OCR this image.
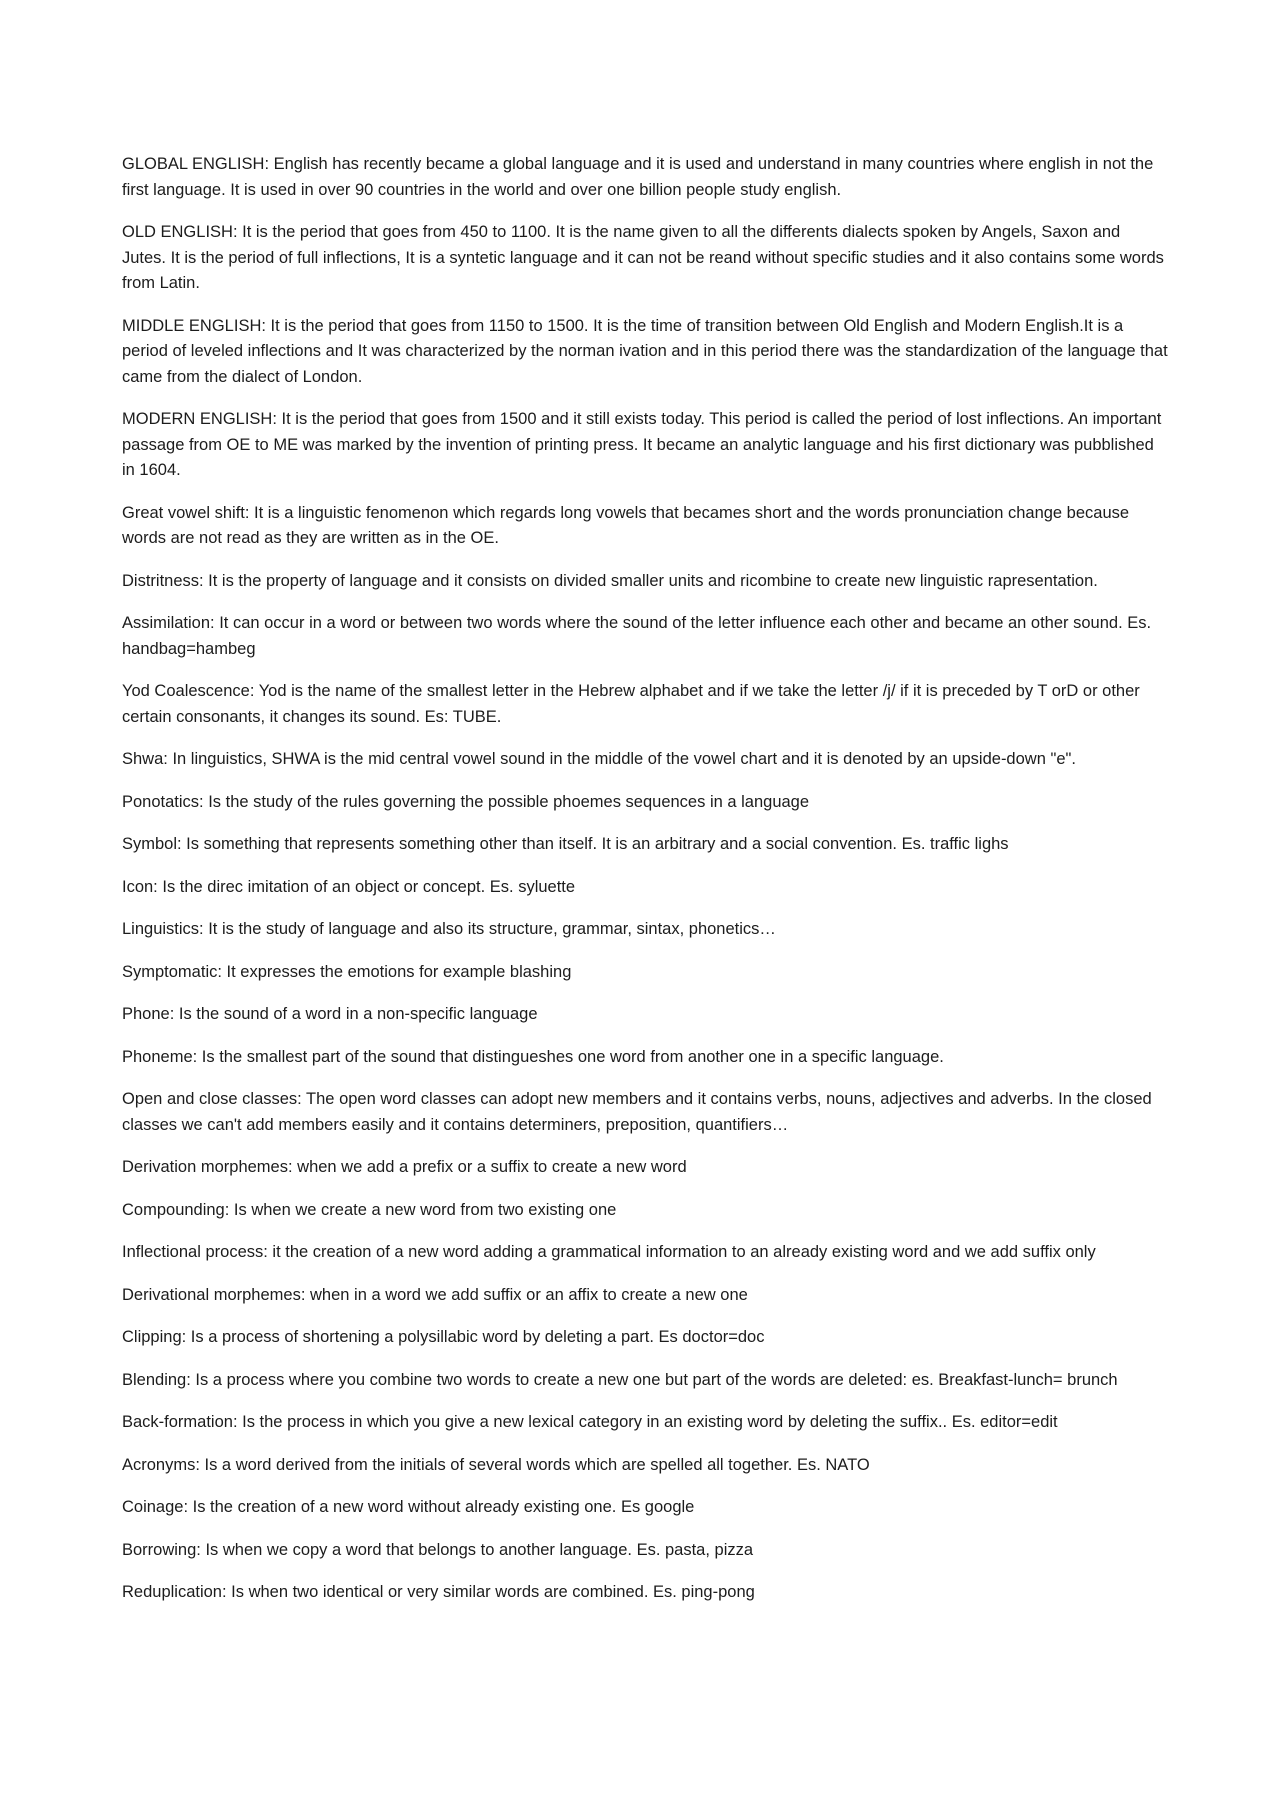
GLOBAL ENGLISH: English has recently became a global language and it is used and understand in many countries where english in not the first language. It is used in over 90 countries in the world and over one billion people study english.

OLD ENGLISH: It is the period that goes from 450 to 1100. It is the name given to all the differents dialects spoken by Angels, Saxon and Jutes. It is the period of full inflections, It is a syntetic language and it can not be reand without specific studies and it also contains some words from Latin.

MIDDLE ENGLISH: It is the period that goes from 1150 to 1500. It is the time of transition between Old English and Modern English.It is a period of leveled inflections and It was characterized by the norman ivation and in this period there was the standardization of the language that came from the dialect of London.

MODERN ENGLISH: It is the period that goes from 1500 and it still exists today. This period is called the period of lost inflections. An important passage from OE to ME was marked by the invention of printing press. It became an analytic language and his first dictionary was pubblished in 1604.

Great vowel shift: It is a linguistic fenomenon which regards long vowels that becames short and the words pronunciation change because words are not read as they are written as in the OE.

Distritness: It is the property of language and it consists on divided smaller units and ricombine to create new linguistic rapresentation.

Assimilation: It can occur in a word or between two words where the sound of the letter influence each other and became an other sound. Es. handbag=hambeg

Yod Coalescence: Yod is the name of the smallest letter in the Hebrew alphabet and if we take the letter /j/ if it is preceded by T orD or other certain consonants, it changes its sound. Es: TUBE.

Shwa: In linguistics, SHWA is the mid central vowel sound in the middle of the vowel chart and it is denoted by an upside-down "e".

Ponotatics: Is the study of the rules governing the possible phoemes sequences in a language

Symbol: Is something that represents something other than itself. It is an arbitrary and a social convention. Es. traffic lighs

Icon: Is the direc imitation of an object or concept. Es. syluette

Linguistics: It is the study of language and also its structure, grammar, sintax, phonetics…

Symptomatic: It expresses the emotions for example blashing

Phone: Is the sound of a word in a non-specific language

Phoneme: Is the smallest part of the sound that distingueshes one word from another one in a specific language.

Open and close classes: The open word classes can adopt new members and it contains verbs, nouns, adjectives and adverbs. In the closed classes we can't add members easily and it contains determiners, preposition, quantifiers…

Derivation morphemes: when we add a prefix or a suffix to create a new word

Compounding: Is when we create a new word from two existing one

Inflectional process: it the creation of a new word adding a grammatical information to an already existing word and we add suffix only

Derivational morphemes: when in a word we add suffix or an affix to create a new one

Clipping: Is a process of shortening a polysillabic word by deleting a part. Es doctor=doc

Blending: Is a process where you combine two words to create a new one but part of the words are deleted: es. Breakfast-lunch= brunch

Back-formation: Is the process in which you give a new lexical category in an existing word by deleting the suffix.. Es. editor=edit

Acronyms: Is a word derived from the initials of several words which are spelled all together. Es. NATO

Coinage: Is the creation of a new word without already existing one. Es google

Borrowing: Is when we copy a word that belongs to another language. Es. pasta, pizza

Reduplication: Is when two identical or very similar words are combined. Es. ping-pong
